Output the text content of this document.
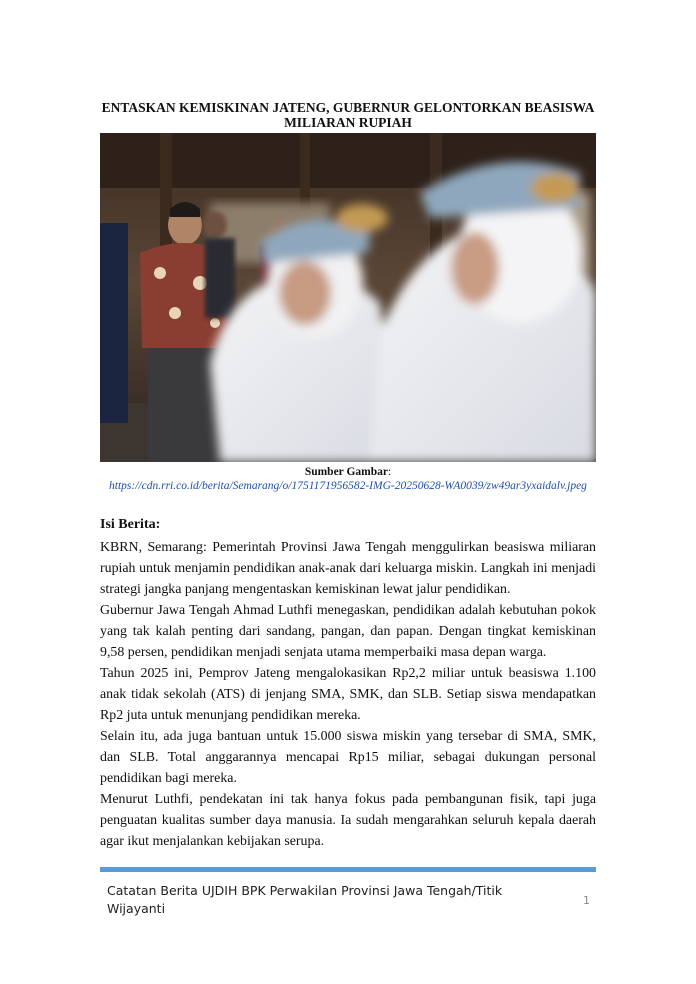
ENTASKAN KEMISKINAN JATENG, GUBERNUR GELONTORKAN BEASISWA MILIARAN RUPIAH
Sumber Gambar:
https://cdn.rri.co.id/berita/Semarang/o/1751171956582-IMG-20250628-WA0039/zw49ar3yxaidalv.jpeg
Isi Berita:

KBRN, Semarang: Pemerintah Provinsi Jawa Tengah menggulirkan beasiswa miliaran rupiah untuk menjamin pendidikan anak-anak dari keluarga miskin. Langkah ini menjadi strategi jangka panjang mengentaskan kemiskinan lewat jalur pendidikan.

Gubernur Jawa Tengah Ahmad Luthfi menegaskan, pendidikan adalah kebutuhan pokok yang tak kalah penting dari sandang, pangan, dan papan. Dengan tingkat kemiskinan 9,58 persen, pendidikan menjadi senjata utama memperbaiki masa depan warga.

Tahun 2025 ini, Pemprov Jateng mengalokasikan Rp2,2 miliar untuk beasiswa 1.100 anak tidak sekolah (ATS) di jenjang SMA, SMK, dan SLB. Setiap siswa mendapatkan Rp2 juta untuk menunjang pendidikan mereka.

Selain itu, ada juga bantuan untuk 15.000 siswa miskin yang tersebar di SMA, SMK, dan SLB. Total anggarannya mencapai Rp15 miliar, sebagai dukungan personal pendidikan bagi mereka.

Menurut Luthfi, pendekatan ini tak hanya fokus pada pembangunan fisik, tapi juga penguatan kualitas sumber daya manusia. Ia sudah mengarahkan seluruh kepala daerah agar ikut menjalankan kebijakan serupa.

Catatan Berita UJDIH BPK Perwakilan Provinsi Jawa Tengah/Titik Wijayanti
1
